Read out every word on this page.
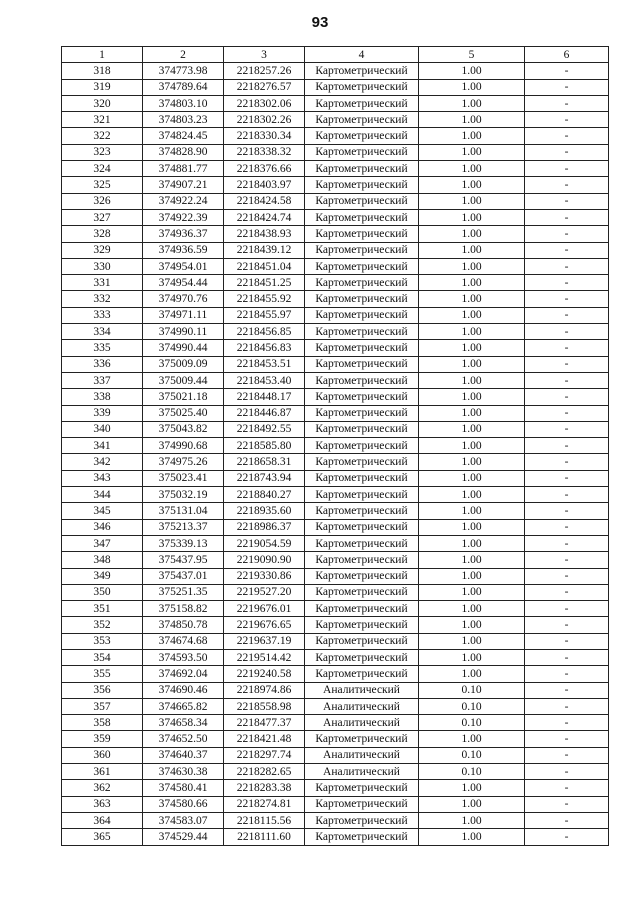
93
1	2	3	4	5	6
318	374773.98	2218257.26	Картометрический	1.00	-
319	374789.64	2218276.57	Картометрический	1.00	-
320	374803.10	2218302.06	Картометрический	1.00	-
321	374803.23	2218302.26	Картометрический	1.00	-
322	374824.45	2218330.34	Картометрический	1.00	-
323	374828.90	2218338.32	Картометрический	1.00	-
324	374881.77	2218376.66	Картометрический	1.00	-
325	374907.21	2218403.97	Картометрический	1.00	-
326	374922.24	2218424.58	Картометрический	1.00	-
327	374922.39	2218424.74	Картометрический	1.00	-
328	374936.37	2218438.93	Картометрический	1.00	-
329	374936.59	2218439.12	Картометрический	1.00	-
330	374954.01	2218451.04	Картометрический	1.00	-
331	374954.44	2218451.25	Картометрический	1.00	-
332	374970.76	2218455.92	Картометрический	1.00	-
333	374971.11	2218455.97	Картометрический	1.00	-
334	374990.11	2218456.85	Картометрический	1.00	-
335	374990.44	2218456.83	Картометрический	1.00	-
336	375009.09	2218453.51	Картометрический	1.00	-
337	375009.44	2218453.40	Картометрический	1.00	-
338	375021.18	2218448.17	Картометрический	1.00	-
339	375025.40	2218446.87	Картометрический	1.00	-
340	375043.82	2218492.55	Картометрический	1.00	-
341	374990.68	2218585.80	Картометрический	1.00	-
342	374975.26	2218658.31	Картометрический	1.00	-
343	375023.41	2218743.94	Картометрический	1.00	-
344	375032.19	2218840.27	Картометрический	1.00	-
345	375131.04	2218935.60	Картометрический	1.00	-
346	375213.37	2218986.37	Картометрический	1.00	-
347	375339.13	2219054.59	Картометрический	1.00	-
348	375437.95	2219090.90	Картометрический	1.00	-
349	375437.01	2219330.86	Картометрический	1.00	-
350	375251.35	2219527.20	Картометрический	1.00	-
351	375158.82	2219676.01	Картометрический	1.00	-
352	374850.78	2219676.65	Картометрический	1.00	-
353	374674.68	2219637.19	Картометрический	1.00	-
354	374593.50	2219514.42	Картометрический	1.00	-
355	374692.04	2219240.58	Картометрический	1.00	-
356	374690.46	2218974.86	Аналитический	0.10	-
357	374665.82	2218558.98	Аналитический	0.10	-
358	374658.34	2218477.37	Аналитический	0.10	-
359	374652.50	2218421.48	Картометрический	1.00	-
360	374640.37	2218297.74	Аналитический	0.10	-
361	374630.38	2218282.65	Аналитический	0.10	-
362	374580.41	2218283.38	Картометрический	1.00	-
363	374580.66	2218274.81	Картометрический	1.00	-
364	374583.07	2218115.56	Картометрический	1.00	-
365	374529.44	2218111.60	Картометрический	1.00	-
